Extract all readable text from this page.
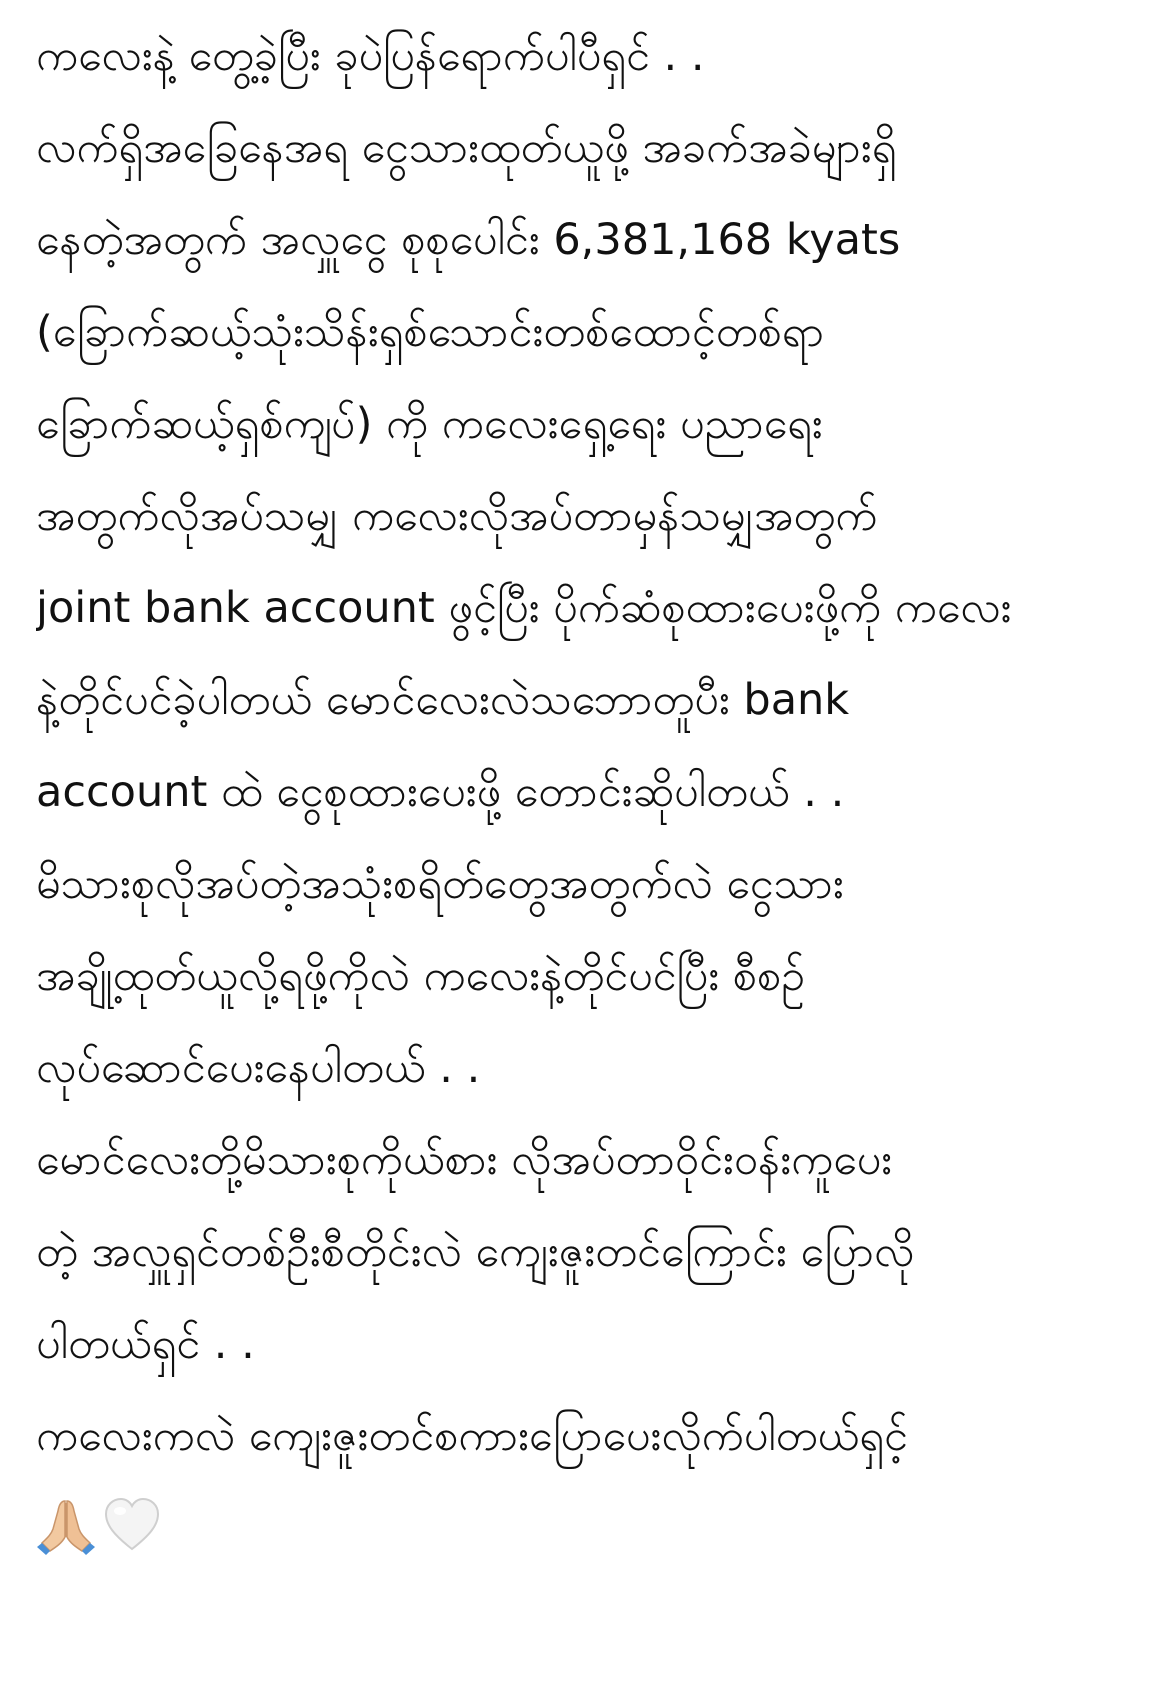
ကလေးနဲ့ တွေ့ခဲ့ပြီး ခုပဲပြန်ရောက်ပါပီရှင် . .
လက်ရှိအခြေနေအရ ငွေသားထုတ်ယူဖို့ အခက်အခဲများရှိ
နေတဲ့အတွက် အလှူငွေ စုစုပေါင်း 6,381,168 kyats
(ခြောက်ဆယ့်သုံးသိန်းရှစ်သောင်းတစ်ထောင့်တစ်ရာ
ခြောက်ဆယ့်ရှစ်ကျပ်) ကို ကလေးရှေ့ရေး ပညာရေး
အတွက်လိုအပ်သမျှ ကလေးလိုအပ်တာမှန်သမျှအတွက်
joint bank account ဖွင့်ပြီး ပိုက်ဆံစုထားပေးဖို့ကို ကလေး
နဲ့တိုင်ပင်ခဲ့ပါတယ် မောင်လေးလဲသဘောတူပီး bank
account ထဲ ငွေစုထားပေးဖို့ တောင်းဆိုပါတယ် . .
မိသားစုလိုအပ်တဲ့အသုံးစရိတ်တွေအတွက်လဲ ငွေသား
အချို့ထုတ်ယူလို့ရဖို့ကိုလဲ ကလေးနဲ့တိုင်ပင်ပြီး စီစဉ်
လုပ်ဆောင်ပေးနေပါတယ် . .
မောင်လေးတို့မိသားစုကိုယ်စား လိုအပ်တာဝိုင်းဝန်းကူပေး
တဲ့ အလှူရှင်တစ်ဦးစီတိုင်းလဲ ကျေးဇူးတင်ကြောင်း ပြောလို
ပါတယ်ရှင် . .
ကလေးကလဲ ကျေးဇူးတင်စကားပြောပေးလိုက်ပါတယ်ရှင့်
